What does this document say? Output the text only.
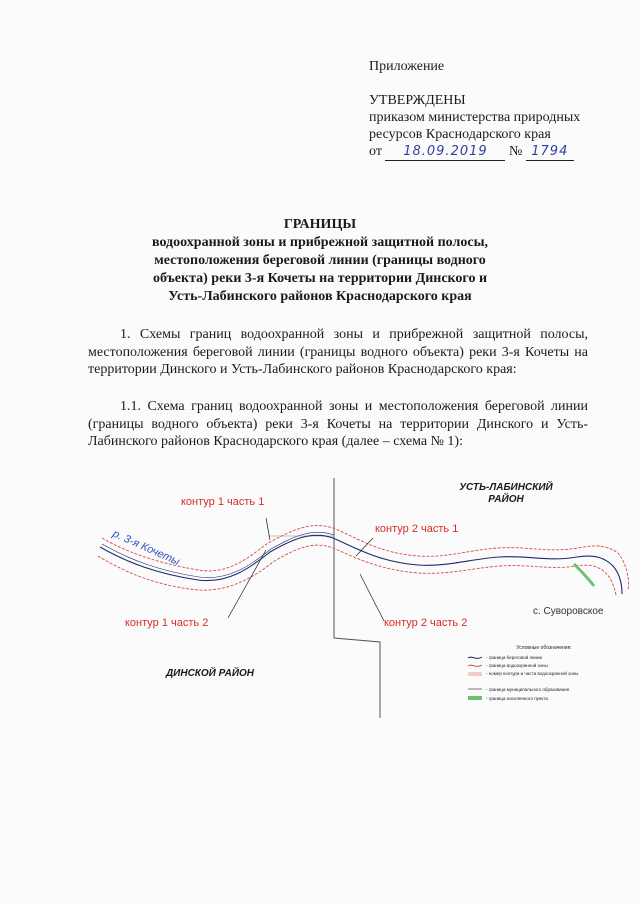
Приложение
УТВЕРЖДЕНЫ
приказом министерства природных
ресурсов Краснодарского края
от 18.09.2019 № 1794
ГРАНИЦЫ
водоохранной зоны и прибрежной защитной полосы,
местоположения береговой линии (границы водного
объекта) реки 3-я Кочеты на территории Динского и
Усть-Лабинского районов Краснодарского края
1. Схемы границ водоохранной зоны и прибрежной защитной полосы, местоположения береговой линии (границы водного объекта) реки 3-я Кочеты на территории Динского и Усть-Лабинского районов Краснодарского края:
1.1. Схема границ водоохранной зоны и местоположения береговой линии (границы водного объекта) реки 3-я Кочеты на территории Динского и Усть-Лабинского районов Краснодарского края (далее – схема № 1):
УСТЬ-ЛАБИНСКИЙ
РАЙОН
ДИНСКОЙ РАЙОН
р. 3-я Кочеты
контур 1 часть 1
контур 1 часть 2
контур 2 часть 1
контур 2 часть 2
с. Суворовское
Условные обозначения:
- граница береговой линии
- граница водоохранной зоны
- номер контура и части водоохранной зоны
- граница муниципального образования
- граница населенного пункта
